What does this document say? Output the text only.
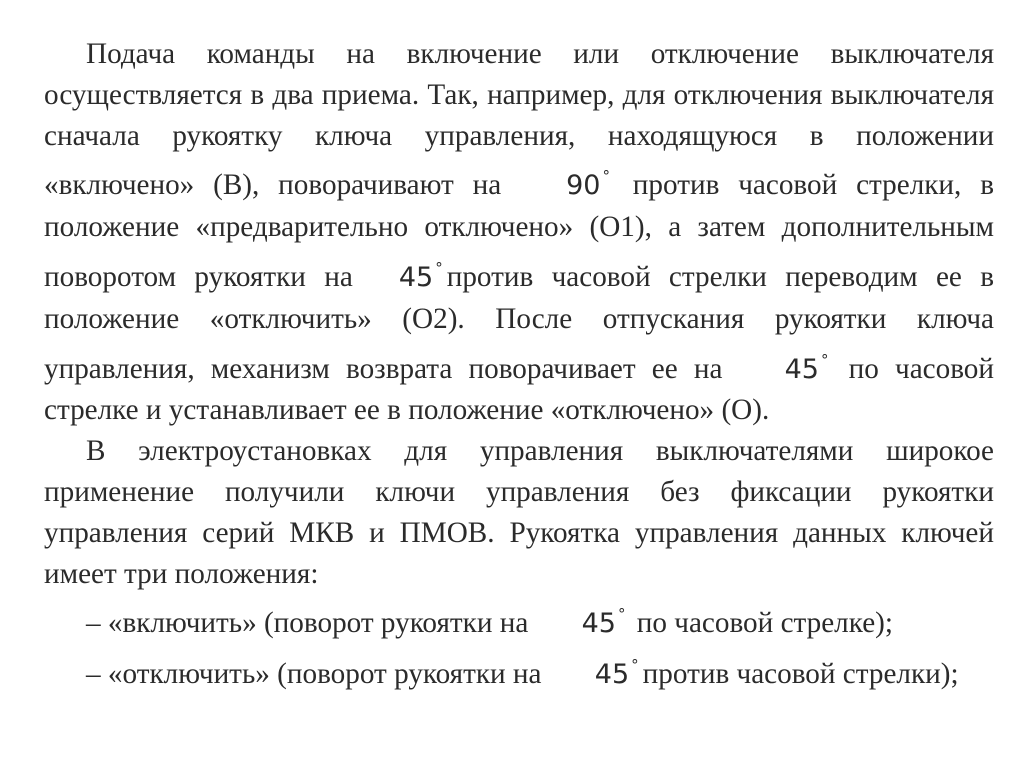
Подача команды на включение или отключение выключателя осуществляется в два приема. Так, например, для отключения выключателя сначала рукоятку ключа управления, находящуюся в положении «включено» (В), поворачивают на 90 ° против часовой стрелки, в положение «предварительно отключено» (О1), а затем дополнительным поворотом рукоятки на 45 ° против часовой стрелки переводим ее в положение «отключить» (О2). После отпускания рукоятки ключа управления, механизм возврата поворачивает ее на 45 ° по часовой стрелке и устанавливает ее в положение «отключено» (О).

В электроустановках для управления выключателями широкое применение получили ключи управления без фиксации рукоятки управления серий МКВ и ПМОВ. Рукоятка управления данных ключей имеет три положения:

– «включить» (поворот рукоятки на 45 ° по часовой стрелке);

– «отключить» (поворот рукоятки на 45 ° против часовой стрелки);
